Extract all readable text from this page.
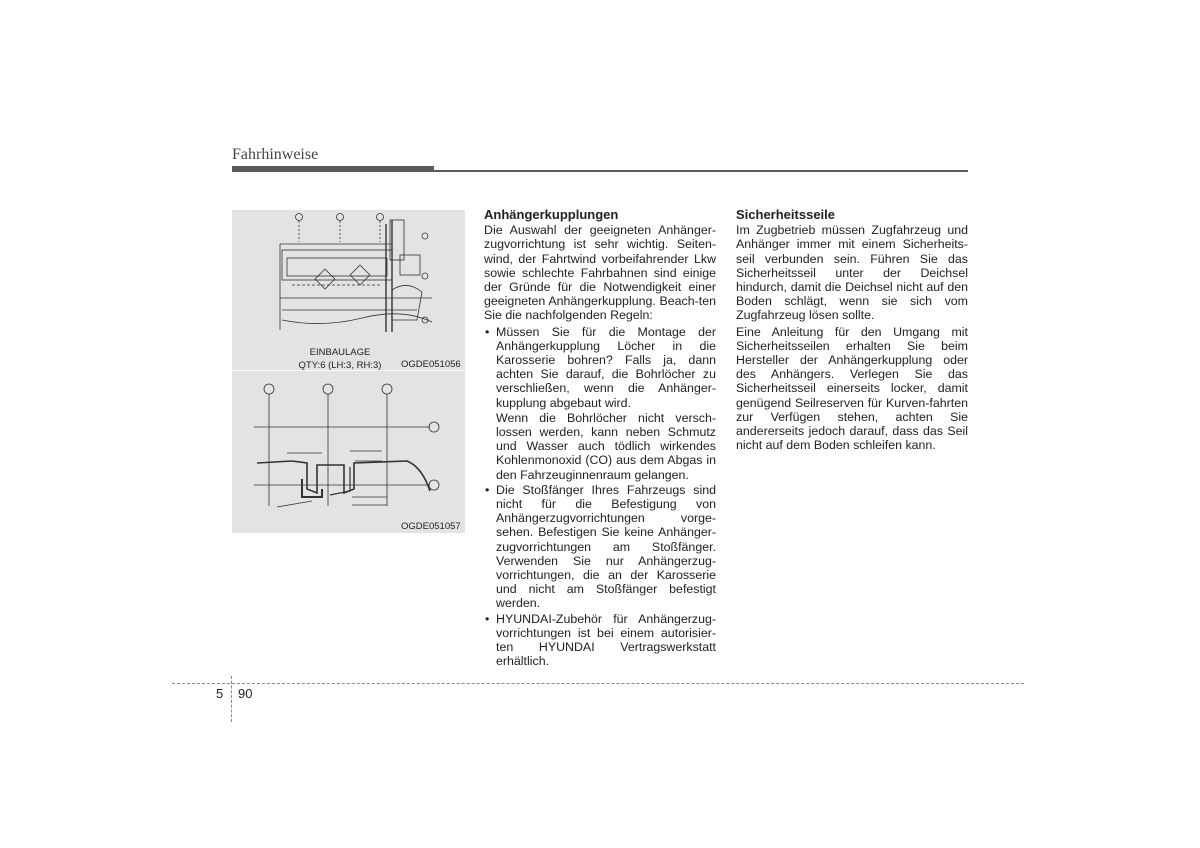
Fahrhinweise
EINBAULAGE
QTY:6 (LH:3, RH:3)	OGDE051056
OGDE051057
Anhängerkupplungen
Die Auswahl der geeigneten Anhänger-zugvorrichtung ist sehr wichtig. Seiten-wind, der Fahrtwind vorbeifahrender Lkw sowie schlechte Fahrbahnen sind einige der Gründe für die Notwendigkeit einer geeigneten Anhängerkupplung. Beach-ten Sie die nachfolgenden Regeln:
• Müssen Sie für die Montage der Anhängerkupplung Löcher in die Karosserie bohren? Falls ja, dann achten Sie darauf, die Bohrlöcher zu verschließen, wenn die Anhänger-kupplung abgebaut wird.
Wenn die Bohrlöcher nicht versch-lossen werden, kann neben Schmutz und Wasser auch tödlich wirkendes Kohlenmonoxid (CO) aus dem Abgas in den Fahrzeuginnenraum gelangen.
• Die Stoßfänger Ihres Fahrzeugs sind nicht für die Befestigung von Anhängerzugvorrichtungen vorge-sehen. Befestigen Sie keine Anhänger-zugvorrichtungen am Stoßfänger. Verwenden Sie nur Anhängerzug-vorrichtungen, die an der Karosserie und nicht am Stoßfänger befestigt werden.
• HYUNDAI-Zubehör für Anhängerzug-vorrichtungen ist bei einem autorisier-ten HYUNDAI Vertragswerkstatt erhältlich.
Sicherheitsseile
Im Zugbetrieb müssen Zugfahrzeug und Anhänger immer mit einem Sicherheits-seil verbunden sein. Führen Sie das Sicherheitsseil unter der Deichsel hindurch, damit die Deichsel nicht auf den Boden schlägt, wenn sie sich vom Zugfahrzeug lösen sollte.
Eine Anleitung für den Umgang mit Sicherheitsseilen erhalten Sie beim Hersteller der Anhängerkupplung oder des Anhängers. Verlegen Sie das Sicherheitsseil einerseits locker, damit genügend Seilreserven für Kurven-fahrten zur Verfügen stehen, achten Sie andererseits jedoch darauf, dass das Seil nicht auf dem Boden schleifen kann.
5 90
